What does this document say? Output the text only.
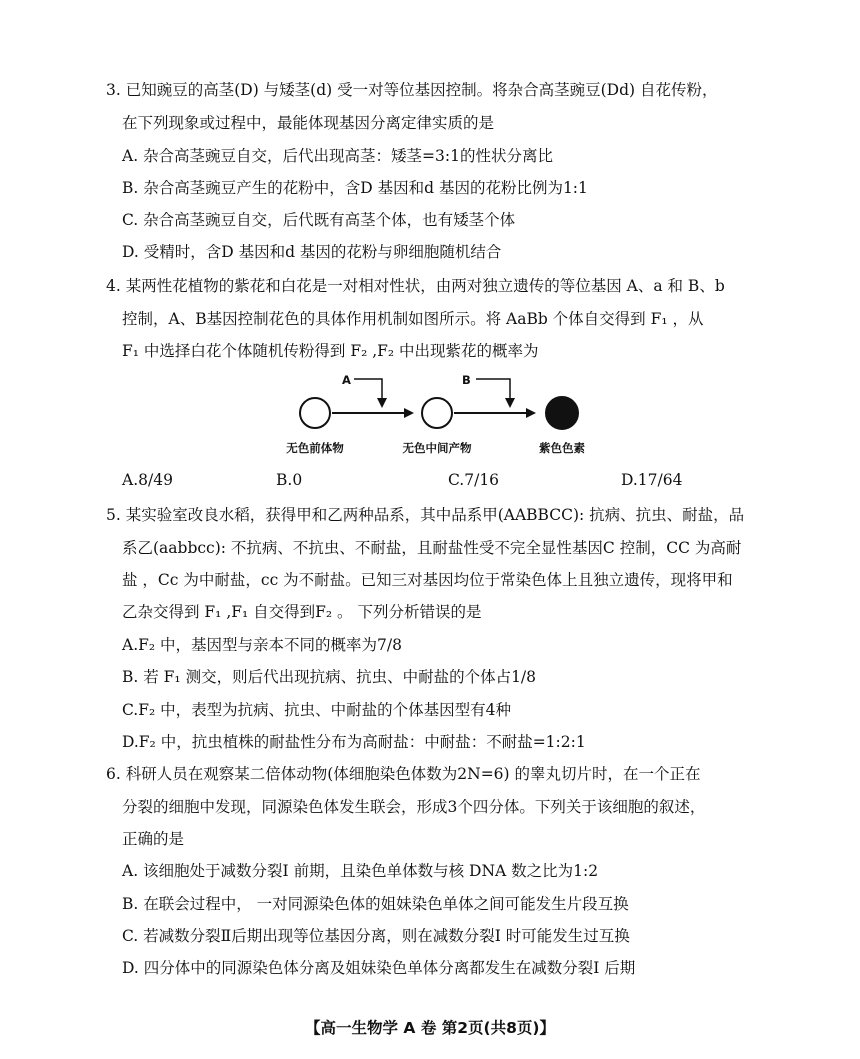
3. 已知豌豆的高茎(D) 与矮茎(d) 受一对等位基因控制。将杂合高茎豌豆(Dd) 自花传粉，
在下列现象或过程中，最能体现基因分离定律实质的是
A. 杂合高茎豌豆自交，后代出现高茎：矮茎=3:1的性状分离比
B. 杂合高茎豌豆产生的花粉中，含D 基因和d 基因的花粉比例为1:1
C. 杂合高茎豌豆自交，后代既有高茎个体，也有矮茎个体
D. 受精时，含D 基因和d 基因的花粉与卵细胞随机结合
4. 某两性花植物的紫花和白花是一对相对性状，由两对独立遗传的等位基因 A、a 和 B、b
控制，A、B基因控制花色的具体作用机制如图所示。将 AaBb 个体自交得到 F₁ ，从
F₁ 中选择白花个体随机传粉得到 F₂ ,F₂ 中出现紫花的概率为
A	B
无色前体物	无色中间产物	紫色色素
A.8/49	B.0	C.7/16	D.17/64
5. 某实验室改良水稻，获得甲和乙两种品系，其中品系甲(AABBCC): 抗病、抗虫、耐盐，品
系乙(aabbcc): 不抗病、不抗虫、不耐盐，且耐盐性受不完全显性基因C 控制，CC 为高耐
盐 ，Cc 为中耐盐，cc 为不耐盐。已知三对基因均位于常染色体上且独立遗传，现将甲和
乙杂交得到 F₁ ,F₁ 自交得到F₂ 。 下列分析错误的是
A.F₂ 中，基因型与亲本不同的概率为7/8
B. 若 F₁ 测交，则后代出现抗病、抗虫、中耐盐的个体占1/8
C.F₂ 中，表型为抗病、抗虫、中耐盐的个体基因型有4种
D.F₂ 中，抗虫植株的耐盐性分布为高耐盐：中耐盐：不耐盐=1:2:1
6. 科研人员在观察某二倍体动物(体细胞染色体数为2N=6) 的睾丸切片时，在一个正在
分裂的细胞中发现，同源染色体发生联会，形成3个四分体。下列关于该细胞的叙述，
正确的是
A. 该细胞处于减数分裂I 前期，且染色单体数与核 DNA 数之比为1:2
B. 在联会过程中， 一对同源染色体的姐妹染色单体之间可能发生片段互换
C. 若减数分裂Ⅱ后期出现等位基因分离，则在减数分裂I 时可能发生过互换
D. 四分体中的同源染色体分离及姐妹染色单体分离都发生在减数分裂Ⅰ 后期
【高一生物学 A 卷 第2页(共8页)】
